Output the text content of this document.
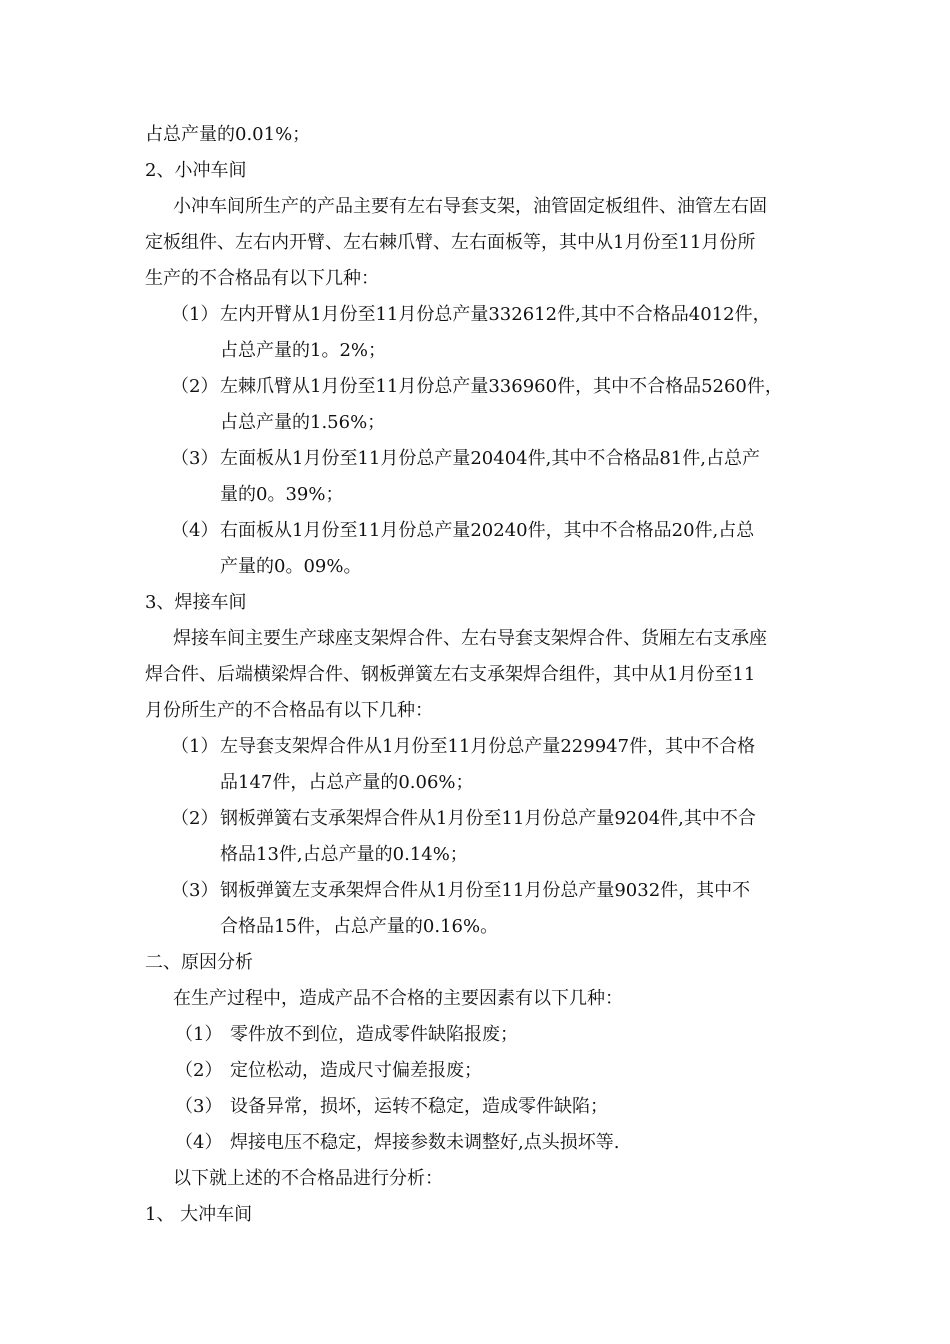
占总产量的0.01%；
2、小冲车间
小冲车间所生产的产品主要有左右导套支架，油管固定板组件、油管左右固
定板组件、左右内开臂、左右棘爪臂、左右面板等，其中从1月份至11月份所
生产的不合格品有以下几种：
（1） 左内开臂从1月份至11月份总产量332612件,其中不合格品4012件，
占总产量的1。2%；
（2） 左棘爪臂从1月份至11月份总产量336960件，其中不合格品5260件，
占总产量的1.56%；
（3） 左面板从1月份至11月份总产量20404件,其中不合格品81件,占总产
量的0。39%；
（4） 右面板从1月份至11月份总产量20240件，其中不合格品20件,占总
产量的0。09%。
3、焊接车间
焊接车间主要生产球座支架焊合件、左右导套支架焊合件、货厢左右支承座
焊合件、后端横梁焊合件、钢板弹簧左右支承架焊合组件，其中从1月份至11
月份所生产的不合格品有以下几种：
（1） 左导套支架焊合件从1月份至11月份总产量229947件，其中不合格
品147件，占总产量的0.06%；
（2） 钢板弹簧右支承架焊合件从1月份至11月份总产量9204件,其中不合
格品13件,占总产量的0.14%；
（3） 钢板弹簧左支承架焊合件从1月份至11月份总产量9032件，其中不
合格品15件，占总产量的0.16%。
二、原因分析
在生产过程中，造成产品不合格的主要因素有以下几种：
（1） 零件放不到位，造成零件缺陷报废；
（2） 定位松动，造成尺寸偏差报废；
（3） 设备异常，损坏，运转不稳定，造成零件缺陷；
（4） 焊接电压不稳定，焊接参数未调整好,点头损坏等.
以下就上述的不合格品进行分析：
1、 大冲车间
